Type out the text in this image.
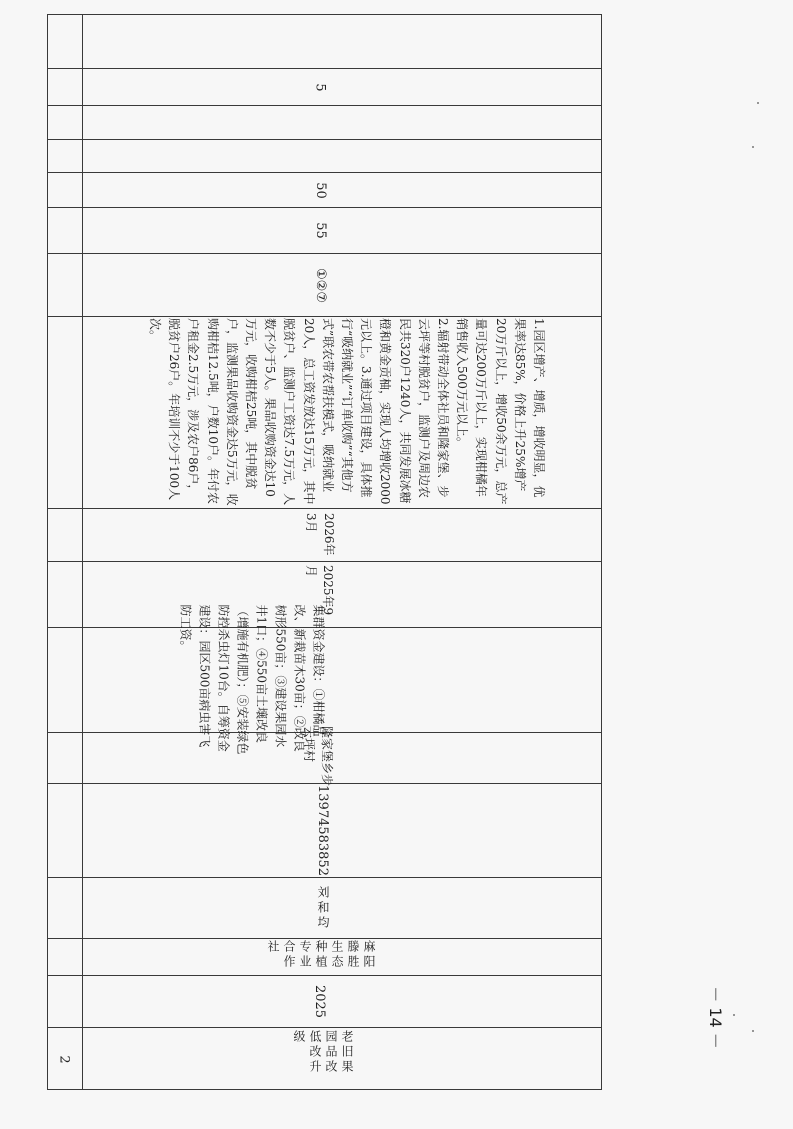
2	老旧果园品改低改升级
2025
麻阳滕胜生态种植专业合作社
刘和均
13974583852
隆家堡乡步云坪村
集群资金建设：①柑橘品改、新栽苗木30亩；②改良树形550亩；③建设果园水井1口；④550亩土壤改良（增施有机肥）；⑤安装绿色防控杀虫灯10台。自筹资金建设：园区500亩病虫害飞防工资。
2025年9月
2026年3月
1.园区增产、增质，增收明显，优果率达85%，价格上升25%增产20万斤以上，增收50余万元，总产量可达200万斤以上，实现柑橘年销售收入500万元以上。
2.辐射带动全体社员和隆家堡、步云坪等村脱贫户，监测户及周边农民共320户1240人，共同发展冰糖橙和黄金贡柚，实现人均增收2000元以上。3.通过项目建设，具体推行“吸纳就业”“订单收购”“其他方式”联农带农帮扶模式，吸纳就业20人，总工资发放达15万元，其中脱贫户、监测户工资达7.5万元，人数不少于5人。果品收购资金达10万元，收购柑桔25吨，其中脱贫户，监测果品收购资金达5万元，收购柑桔12.5吨，户数10户。年付农户租金2.5万元，涉及农户86户，脱贫户26户。年培训不少于100人次。
①②⑦
55
50
5
－ 14 －
